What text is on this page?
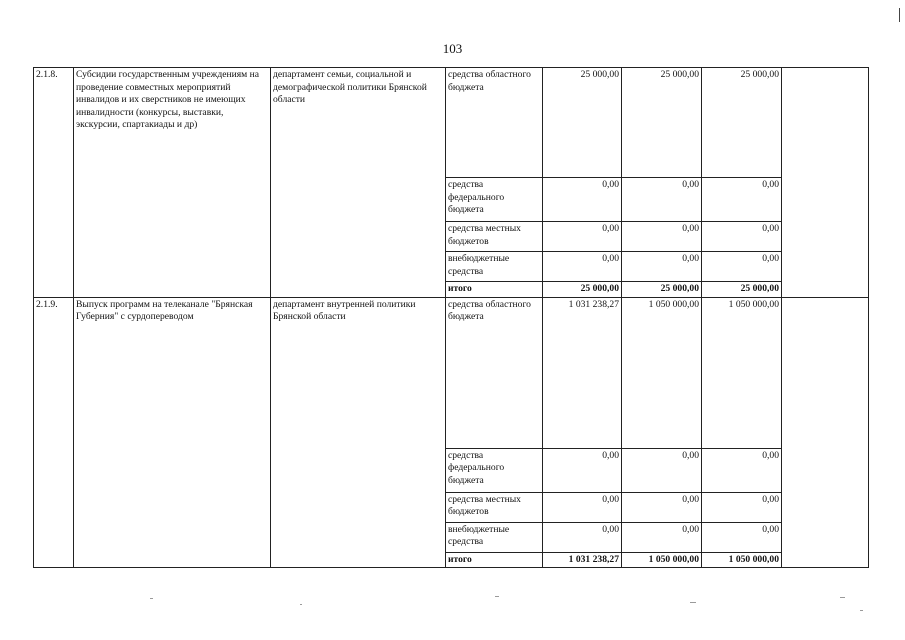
103
2.1.8.	Субсидии государственным учреждениям на проведение совместных мероприятий инвалидов и их сверстников не имеющих инвалидности (конкурсы, выставки, экскурсии, спартакиады и др)	департамент семьи, социальной и демографической политики Брянской области	средства областного бюджета	25 000,00	25 000,00	25 000,00	
			средства федерального бюджета	0,00	0,00	0,00	
			средства местных бюджетов	0,00	0,00	0,00	
			внебюджетные средства	0,00	0,00	0,00	
			итого	25 000,00	25 000,00	25 000,00	
2.1.9.	Выпуск программ на телеканале "Брянская Губерния" с сурдопереводом	департамент внутренней политики Брянской области	средства областного бюджета	1 031 238,27	1 050 000,00	1 050 000,00	
			средства федерального бюджета	0,00	0,00	0,00	
			средства местных бюджетов	0,00	0,00	0,00	
			внебюджетные средства	0,00	0,00	0,00	
			итого	1 031 238,27	1 050 000,00	1 050 000,00	
